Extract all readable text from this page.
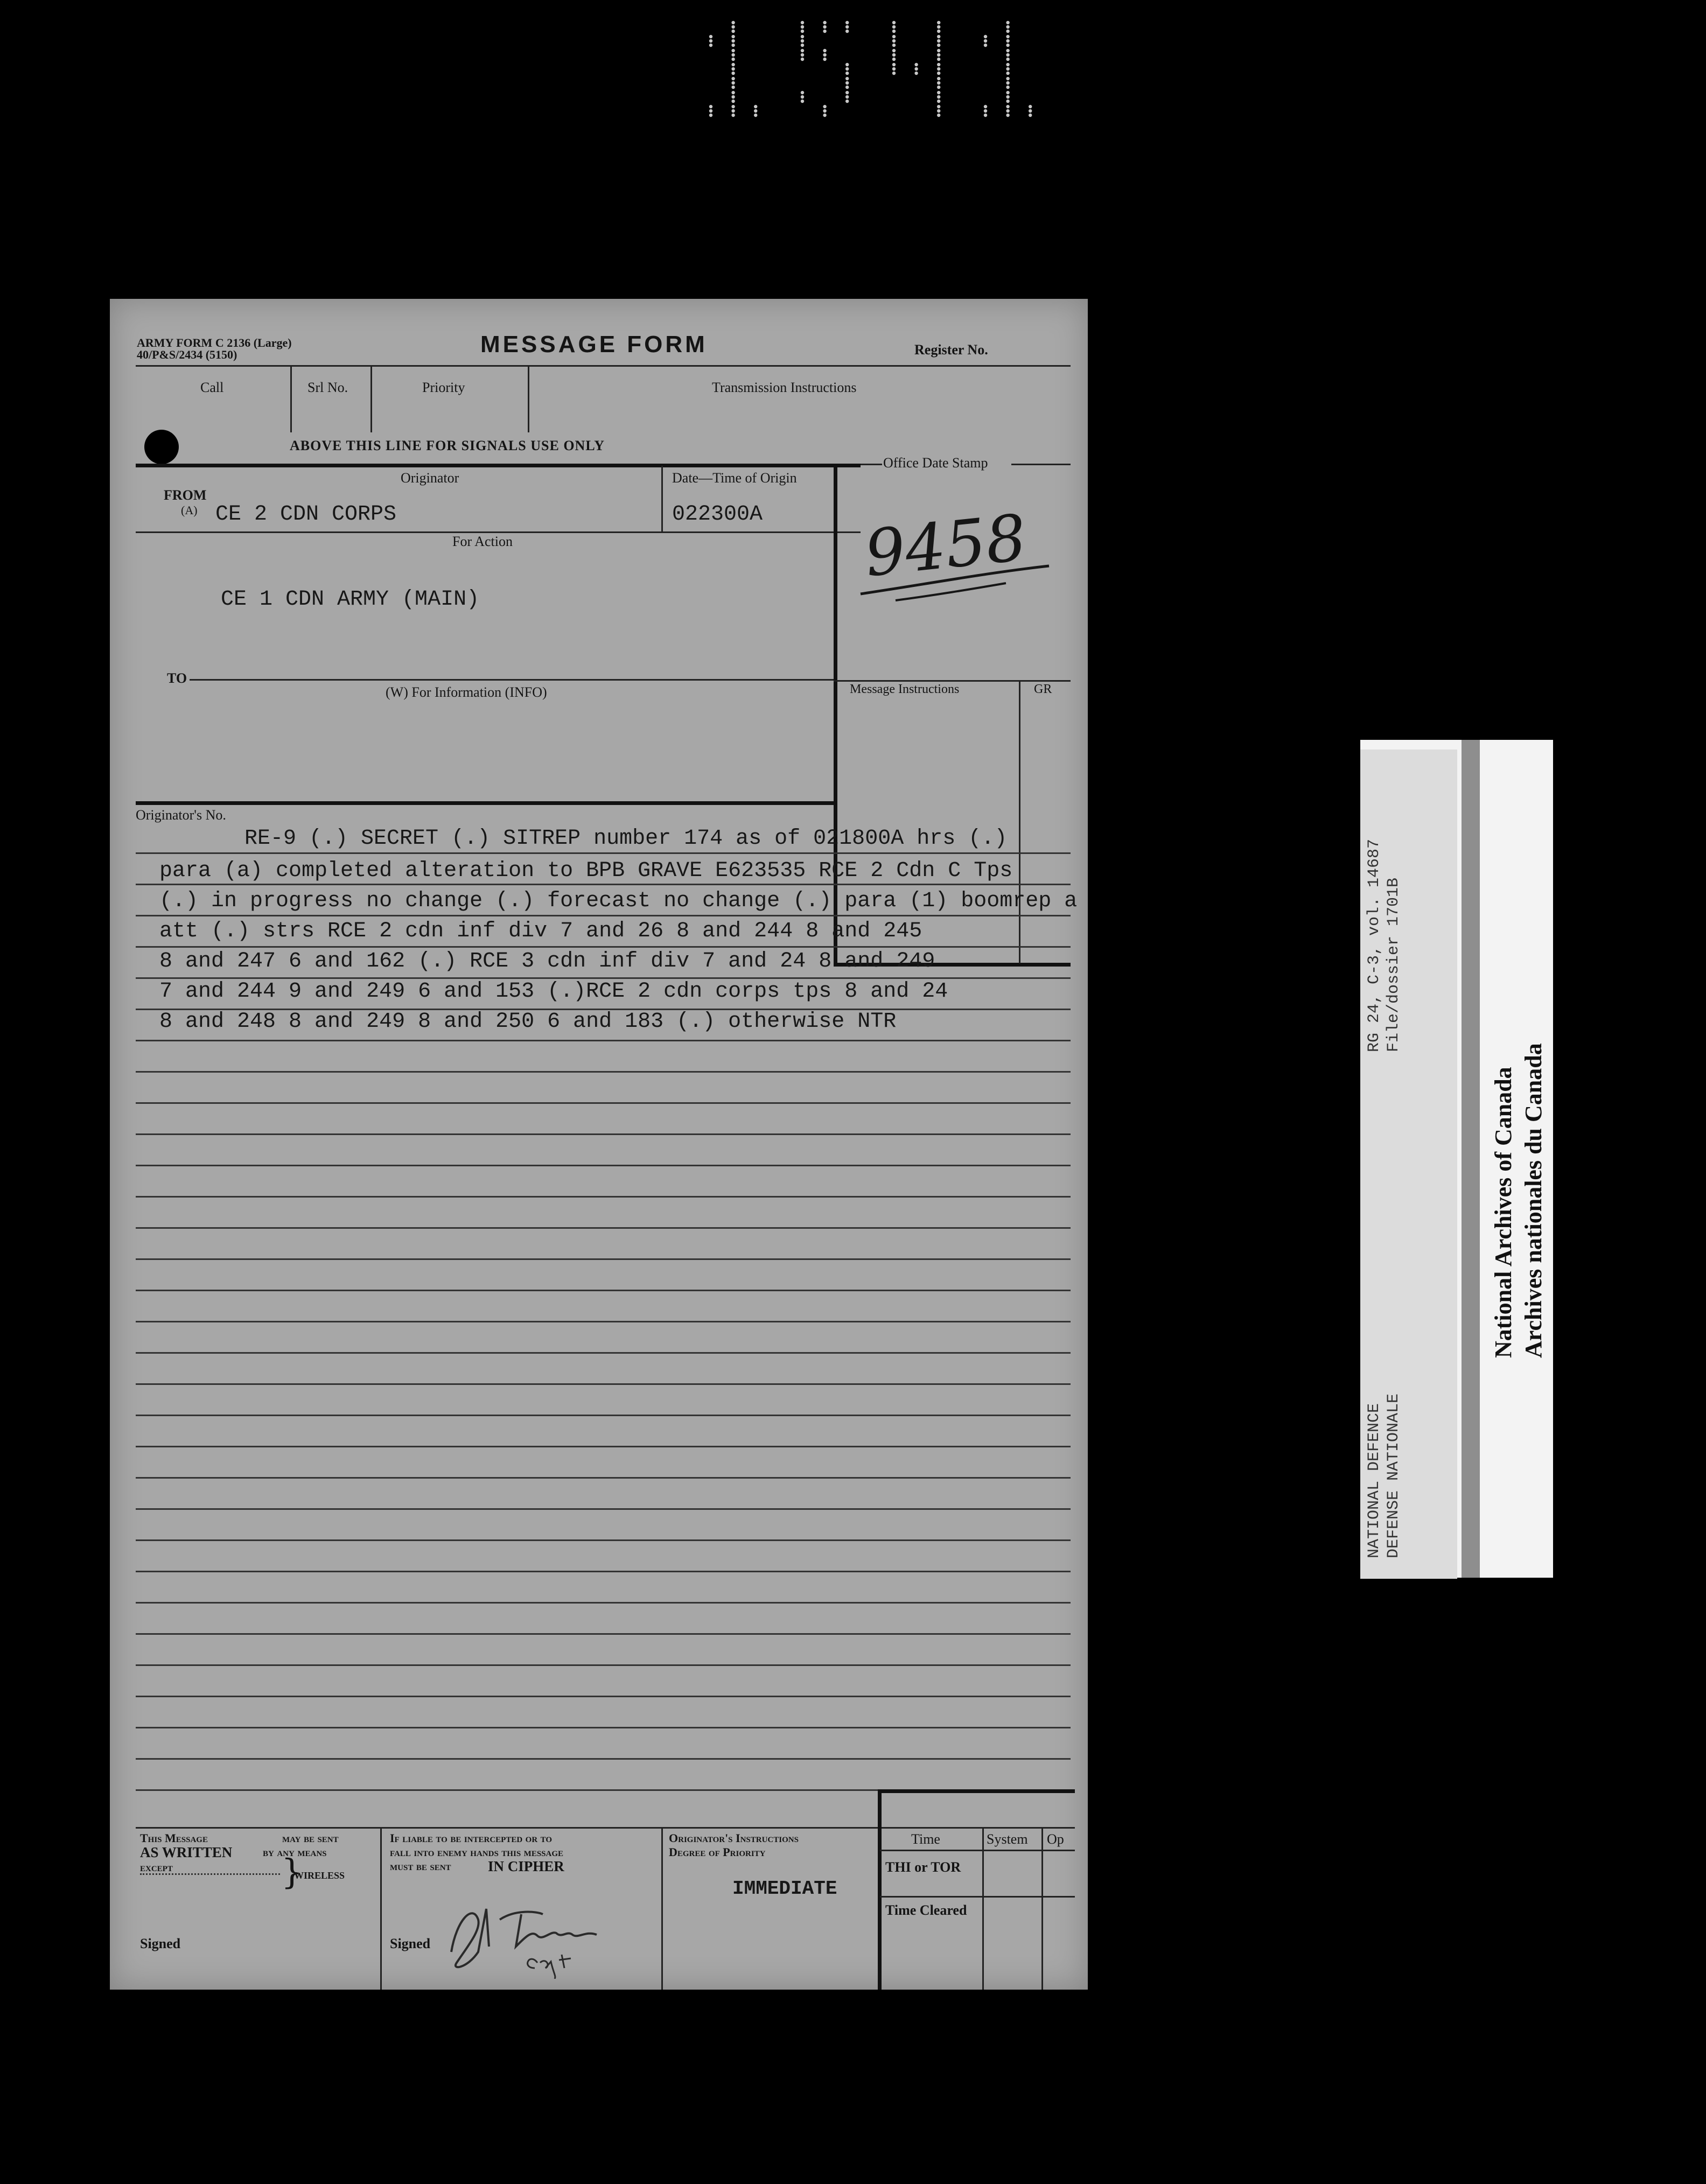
ARMY FORM C 2136 (Large)
40/P&S/2434 (5150)	MESSAGE FORM	Register No.
Call	Srl No.	Priority	Transmission Instructions
ABOVE THIS LINE FOR SIGNALS USE ONLY
Originator
FROM
(A) CE 2 CDN CORPS
Date—Time of Origin
022300A
Office Date Stamp
9458
Message Instructions	GR
For Action
CE 1 CDN ARMY (MAIN)
TO
(W) For Information (INFO)
Originator's No.
RE-9 (.) SECRET (.) SITREP number 174 as of 021800A hrs (.)
para (a) completed alteration to BPB GRAVE E623535 RCE 2 Cdn C Tps
(.) in progress no change (.) forecast no change (.) para (1) boomrep a
att (.) strs RCE 2 cdn inf div 7 and 26 8 and 244 8 and 245
8 and 247 6 and 162 (.) RCE 3 cdn inf div 7 and 24 8 and 249
7 and 244 9 and 249 6 and 153 (.)RCE 2 cdn corps tps 8 and 24
8 and 248 8 and 249 8 and 250 6 and 183 (.) otherwise NTR
This Message	may be sent
AS WRITTEN	by any means
except	}
WIRELESS
Signed
If liable to be intercepted or to
fall into enemy hands this message
must be sent	IN CIPHER
Signed
Originator's Instructions
Degree of Priority
IMMEDIATE
Time	System Op
THI or TOR
Time Cleared
RG 24, C-3, vol. 14687 File/dossier 1701B
NATIONAL DEFENCE DEFENSE NATIONALE
National Archives of Canada Archives nationales du Canada
